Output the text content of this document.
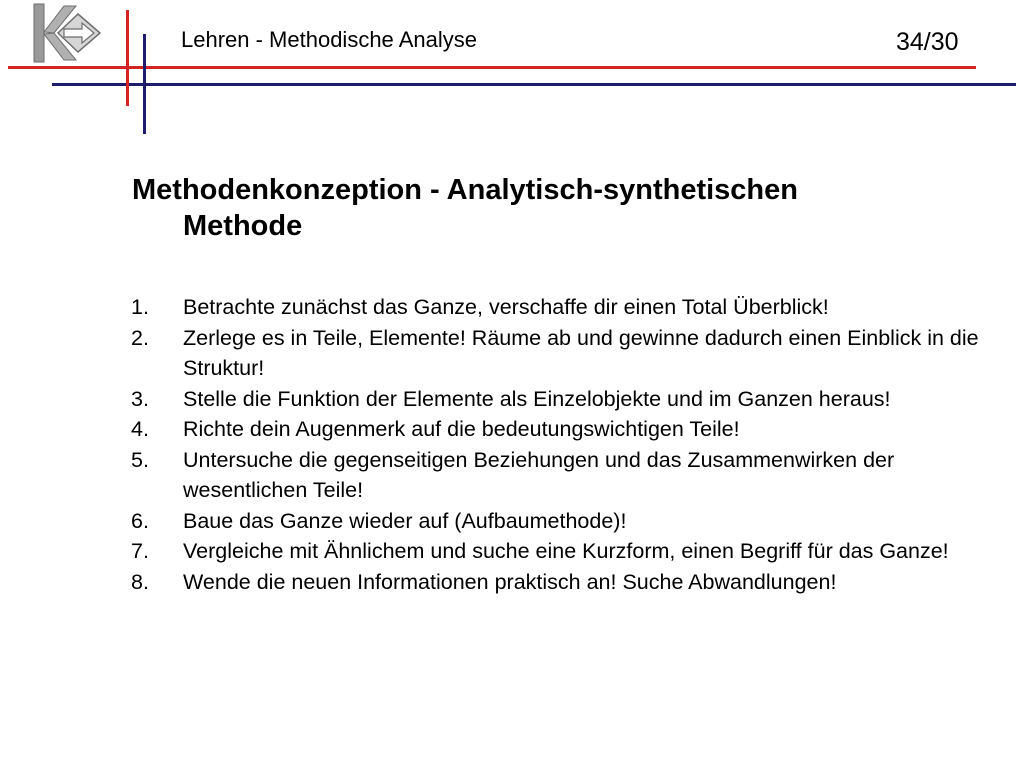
Lehren - Methodische Analyse	34/30
Methodenkonzeption - Analytisch-synthetischen
Methode
1. Betrachte zunächst das Ganze, verschaffe dir einen Total Überblick!
2. Zerlege es in Teile, Elemente! Räume ab und gewinne dadurch einen Einblick in die Struktur!
3. Stelle die Funktion der Elemente als Einzelobjekte und im Ganzen heraus!
4. Richte dein Augenmerk auf die bedeutungswichtigen Teile!
5. Untersuche die gegenseitigen Beziehungen und das Zusammenwirken der wesentlichen Teile!
6. Baue das Ganze wieder auf (Aufbaumethode)!
7. Vergleiche mit Ähnlichem und suche eine Kurzform, einen Begriff für das Ganze!
8. Wende die neuen Informationen praktisch an! Suche Abwandlungen!
